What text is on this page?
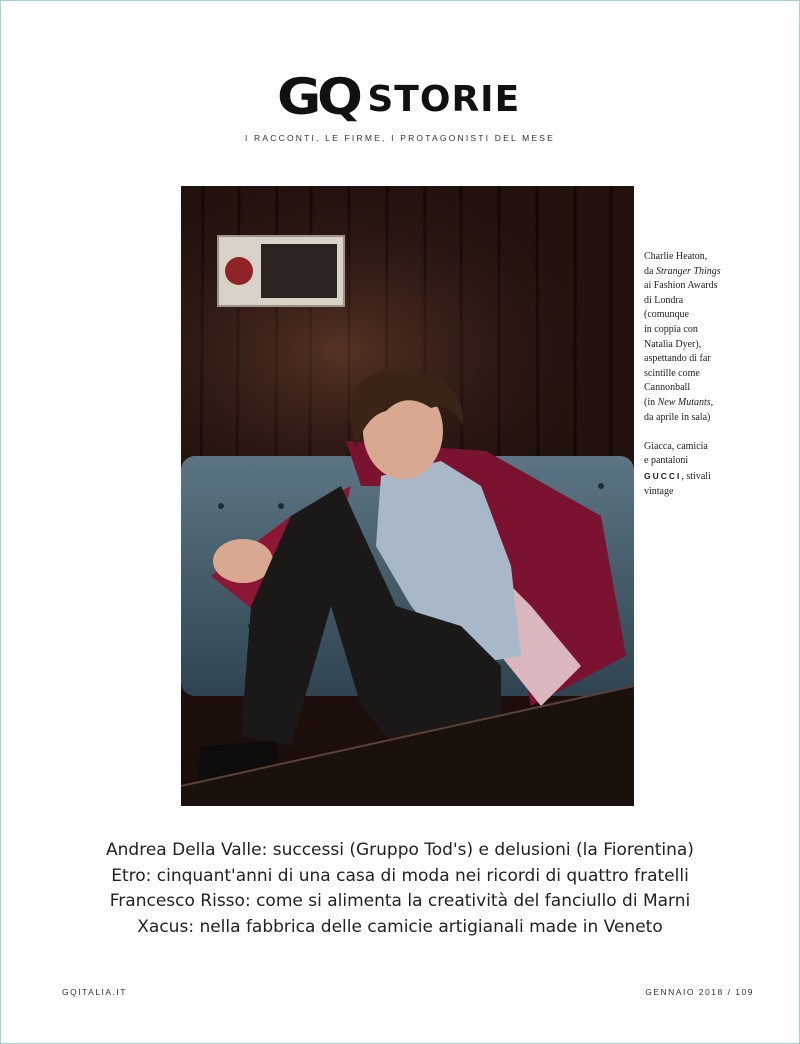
GQ STORIE
I RACCONTI, LE FIRME, I PROTAGONISTI DEL MESE

Charlie Heaton,
da Stranger Things
ai Fashion Awards
di Londra
(comunque
in coppia con
Natalia Dyer),
aspettando di far
scintille come
Cannonball
(in New Mutants,
da aprile in sala)

Giacca, camicia
e pantaloni
GUCCI, stivali
vintage

Andrea Della Valle: successi (Gruppo Tod's) e delusioni (la Fiorentina)
Etro: cinquant'anni di una casa di moda nei ricordi di quattro fratelli
Francesco Risso: come si alimenta la creatività del fanciullo di Marni
Xacus: nella fabbrica delle camicie artigianali made in Veneto
GQITALIA.IT	GENNAIO 2018 / 109
